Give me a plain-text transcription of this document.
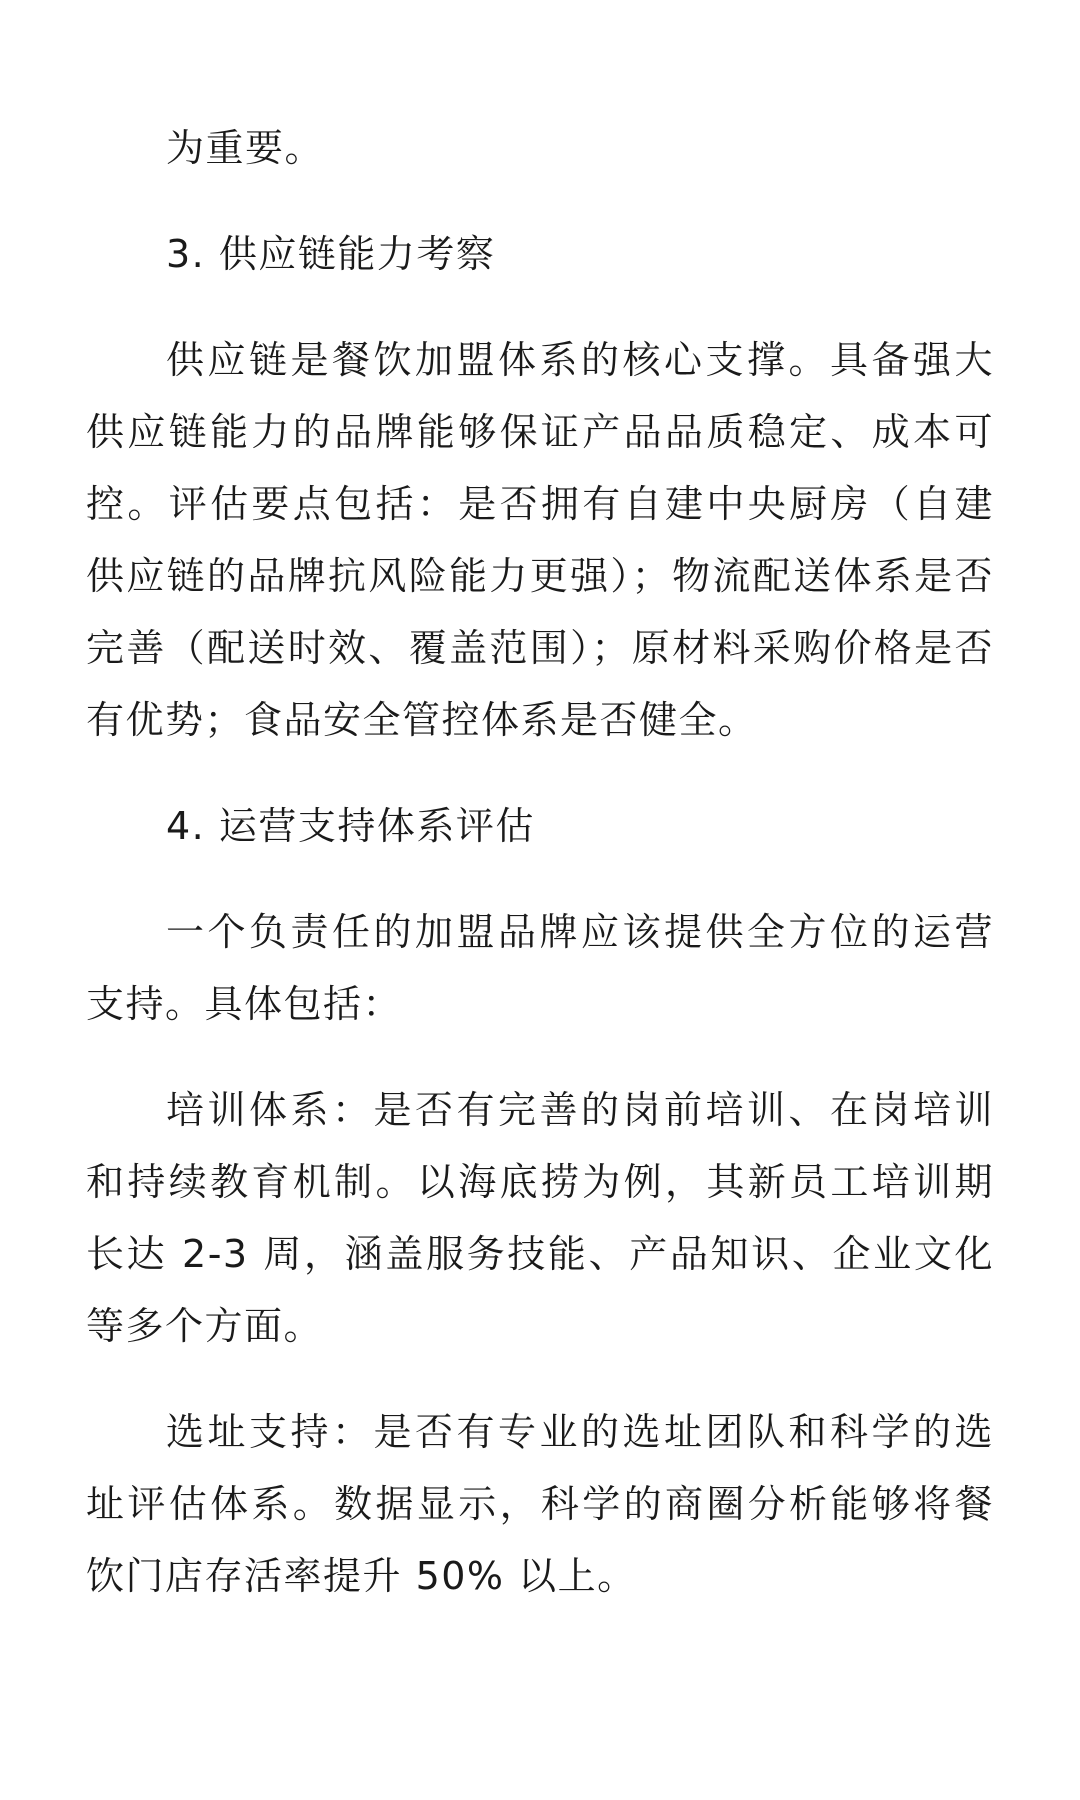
为重要。

3. 供应链能力考察

供应链是餐饮加盟体系的核心支撑。具备强大供应链能力的品牌能够保证产品品质稳定、成本可控。评估要点包括：是否拥有自建中央厨房（自建供应链的品牌抗风险能力更强）；物流配送体系是否完善（配送时效、覆盖范围）；原材料采购价格是否有优势；食品安全管控体系是否健全。

4. 运营支持体系评估

一个负责任的加盟品牌应该提供全方位的运营支持。具体包括：

培训体系：是否有完善的岗前培训、在岗培训和持续教育机制。以海底捞为例，其新员工培训期长达 2-3 周，涵盖服务技能、产品知识、企业文化等多个方面。

选址支持：是否有专业的选址团队和科学的选址评估体系。数据显示，科学的商圈分析能够将餐饮门店存活率提升 50% 以上。
